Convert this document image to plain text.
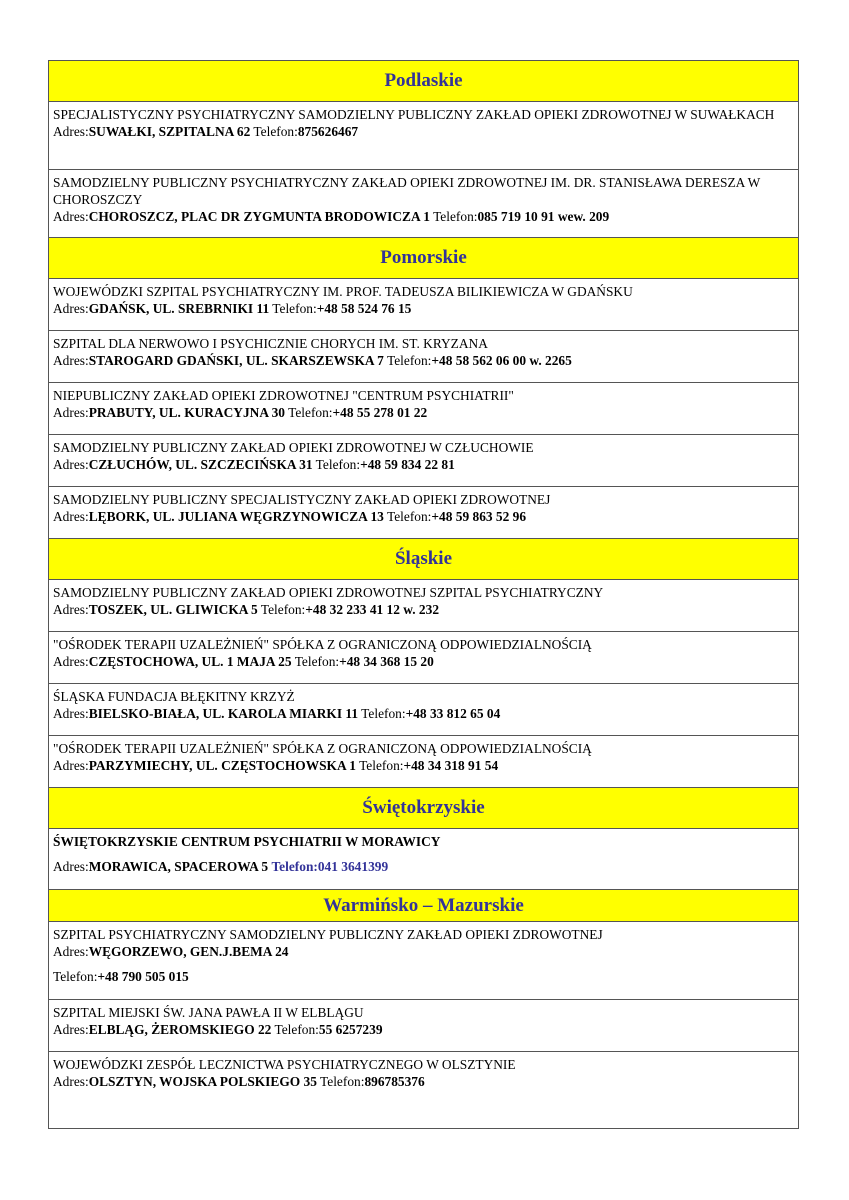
Podlaskie
SPECJALISTYCZNY PSYCHIATRYCZNY SAMODZIELNY PUBLICZNY ZAKŁAD OPIEKI ZDROWOTNEJ W SUWAŁKACH
Adres:SUWAŁKI, SZPITALNA 62 Telefon:875626467
SAMODZIELNY PUBLICZNY PSYCHIATRYCZNY ZAKŁAD OPIEKI ZDROWOTNEJ IM. DR. STANISŁAWA DERESZA W CHOROSZCZY
Adres:CHOROSZCZ, PLAC DR ZYGMUNTA BRODOWICZA 1 Telefon:085 719 10 91 wew. 209
Pomorskie
WOJEWÓDZKI SZPITAL PSYCHIATRYCZNY IM. PROF. TADEUSZA BILIKIEWICZA W GDAŃSKU
Adres:GDAŃSK, UL. SREBRNIKI 11 Telefon:+48 58 524 76 15
SZPITAL DLA NERWOWO I PSYCHICZNIE CHORYCH IM. ST. KRYZANA
Adres:STAROGARD GDAŃSKI, UL. SKARSZEWSKA 7 Telefon:+48 58 562 06 00 w. 2265
NIEPUBLICZNY ZAKŁAD OPIEKI ZDROWOTNEJ "CENTRUM PSYCHIATRII"
Adres:PRABUTY, UL. KURACYJNA 30 Telefon:+48 55 278 01 22
SAMODZIELNY PUBLICZNY ZAKŁAD OPIEKI ZDROWOTNEJ W CZŁUCHOWIE
Adres:CZŁUCHÓW, UL. SZCZECIŃSKA 31 Telefon:+48 59 834 22 81
SAMODZIELNY PUBLICZNY SPECJALISTYCZNY ZAKŁAD OPIEKI ZDROWOTNEJ
Adres:LĘBORK, UL. JULIANA WĘGRZYNOWICZA 13 Telefon:+48 59 863 52 96
Śląskie
SAMODZIELNY PUBLICZNY ZAKŁAD OPIEKI ZDROWOTNEJ SZPITAL PSYCHIATRYCZNY
Adres:TOSZEK, UL. GLIWICKA 5 Telefon:+48 32 233 41 12 w. 232
"OŚRODEK TERAPII UZALEŻNIEŃ" SPÓŁKA Z OGRANICZONĄ ODPOWIEDZIALNOŚCIĄ
Adres:CZĘSTOCHOWA, UL. 1 MAJA 25 Telefon:+48 34 368 15 20
ŚLĄSKA FUNDACJA BŁĘKITNY KRZYŻ
Adres:BIELSKO-BIAŁA, UL. KAROLA MIARKI 11 Telefon:+48 33 812 65 04
"OŚRODEK TERAPII UZALEŻNIEŃ" SPÓŁKA Z OGRANICZONĄ ODPOWIEDZIALNOŚCIĄ
Adres:PARZYMIECHY, UL. CZĘSTOCHOWSKA 1 Telefon:+48 34 318 91 54
Świętokrzyskie
ŚWIĘTOKRZYSKIE CENTRUM PSYCHIATRII W MORAWICY
Adres:MORAWICA, SPACEROWA 5 Telefon:041 3641399
Warmińsko – Mazurskie
SZPITAL PSYCHIATRYCZNY SAMODZIELNY PUBLICZNY ZAKŁAD OPIEKI ZDROWOTNEJ
Adres:WĘGORZEWO, GEN.J.BEMA 24
Telefon:+48 790 505 015
SZPITAL MIEJSKI ŚW. JANA PAWŁA II W ELBLĄGU
Adres:ELBLĄG, ŻEROMSKIEGO 22 Telefon:55 6257239
WOJEWÓDZKI ZESPÓŁ LECZNICTWA PSYCHIATRYCZNEGO W OLSZTYNIE
Adres:OLSZTYN, WOJSKA POLSKIEGO 35 Telefon:896785376
